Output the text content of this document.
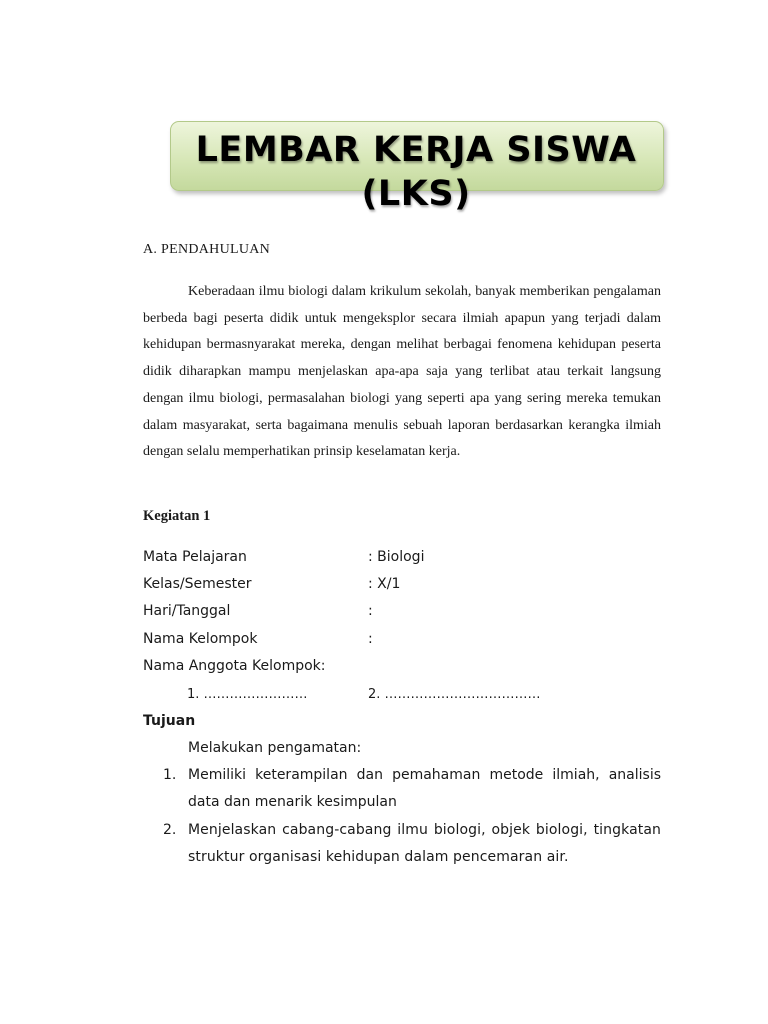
LEMBAR KERJA SISWA
(LKS)
A. PENDAHULUAN
Keberadaan ilmu biologi dalam krikulum sekolah, banyak memberikan pengalaman berbeda bagi peserta didik untuk mengeksplor secara ilmiah apapun yang terjadi dalam kehidupan bermasnyarakat mereka, dengan melihat berbagai fenomena kehidupan peserta didik diharapkan mampu menjelaskan apa-apa saja yang terlibat atau terkait langsung dengan ilmu biologi, permasalahan biologi yang seperti apa yang sering mereka temukan dalam masyarakat, serta bagaimana menulis sebuah laporan berdasarkan kerangka ilmiah dengan selalu memperhatikan prinsip keselamatan kerja.
Kegiatan 1
Mata Pelajaran	: Biologi
Kelas/Semester	: X/1
Hari/Tanggal	:
Nama Kelompok	:
Nama Anggota Kelompok:
1. ……………………	2. ………………………………
Tujuan
Melakukan pengamatan:
1. Memiliki keterampilan dan pemahaman metode ilmiah, analisis data dan menarik kesimpulan
2. Menjelaskan cabang-cabang ilmu biologi, objek biologi, tingkatan struktur organisasi kehidupan dalam pencemaran air.
